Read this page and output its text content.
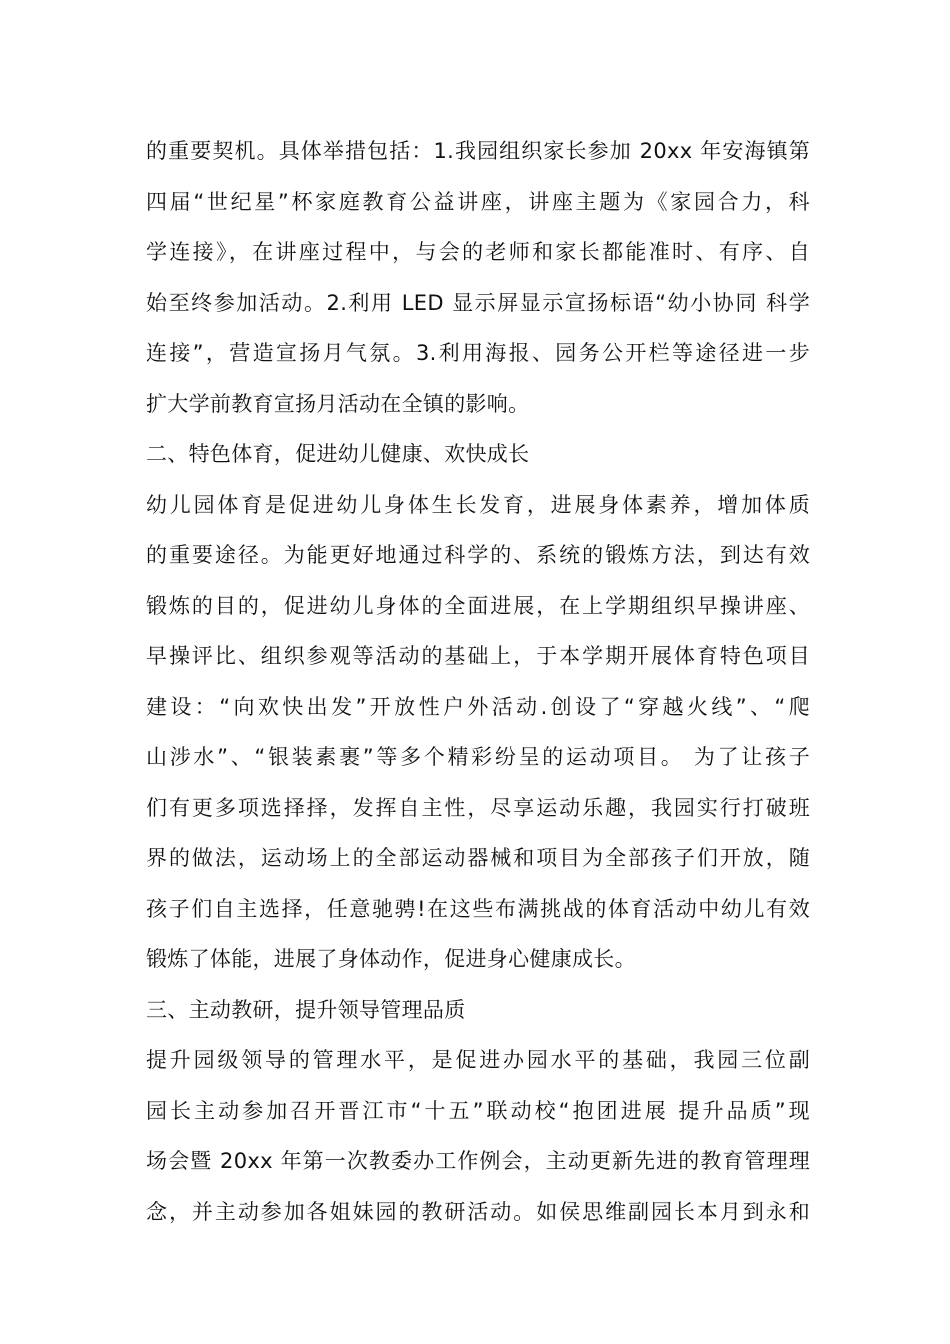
的重要契机。具体举措包括：1.我园组织家长参加 20xx 年安海镇第
四届“世纪星”杯家庭教育公益讲座，讲座主题为《家园合力，科
学连接》，在讲座过程中，与会的老师和家长都能准时、有序、自
始至终参加活动。2.利用 LED 显示屏显示宣扬标语“幼小协同 科学
连接”，营造宣扬月气氛。3.利用海报、园务公开栏等途径进一步
扩大学前教育宣扬月活动在全镇的影响。
二、特色体育，促进幼儿健康、欢快成长
幼儿园体育是促进幼儿身体生长发育，进展身体素养，增加体质
的重要途径。为能更好地通过科学的、系统的锻炼方法，到达有效
锻炼的目的，促进幼儿身体的全面进展，在上学期组织早操讲座、
早操评比、组织参观等活动的基础上，于本学期开展体育特色项目
建设：“向欢快出发”开放性户外活动.创设了“穿越火线”、“爬
山涉水”、“银装素裹”等多个精彩纷呈的运动项目。 为了让孩子
们有更多项选择择，发挥自主性，尽享运动乐趣，我园实行打破班
界的做法，运动场上的全部运动器械和项目为全部孩子们开放，随
孩子们自主选择，任意驰骋!在这些布满挑战的体育活动中幼儿有效
锻炼了体能，进展了身体动作，促进身心健康成长。
三、主动教研，提升领导管理品质
提升园级领导的管理水平，是促进办园水平的基础，我园三位副
园长主动参加召开晋江市“十五”联动校“抱团进展 提升品质”现
场会暨 20xx 年第一次教委办工作例会，主动更新先进的教育管理理
念，并主动参加各姐妹园的教研活动。如侯思维副园长本月到永和
